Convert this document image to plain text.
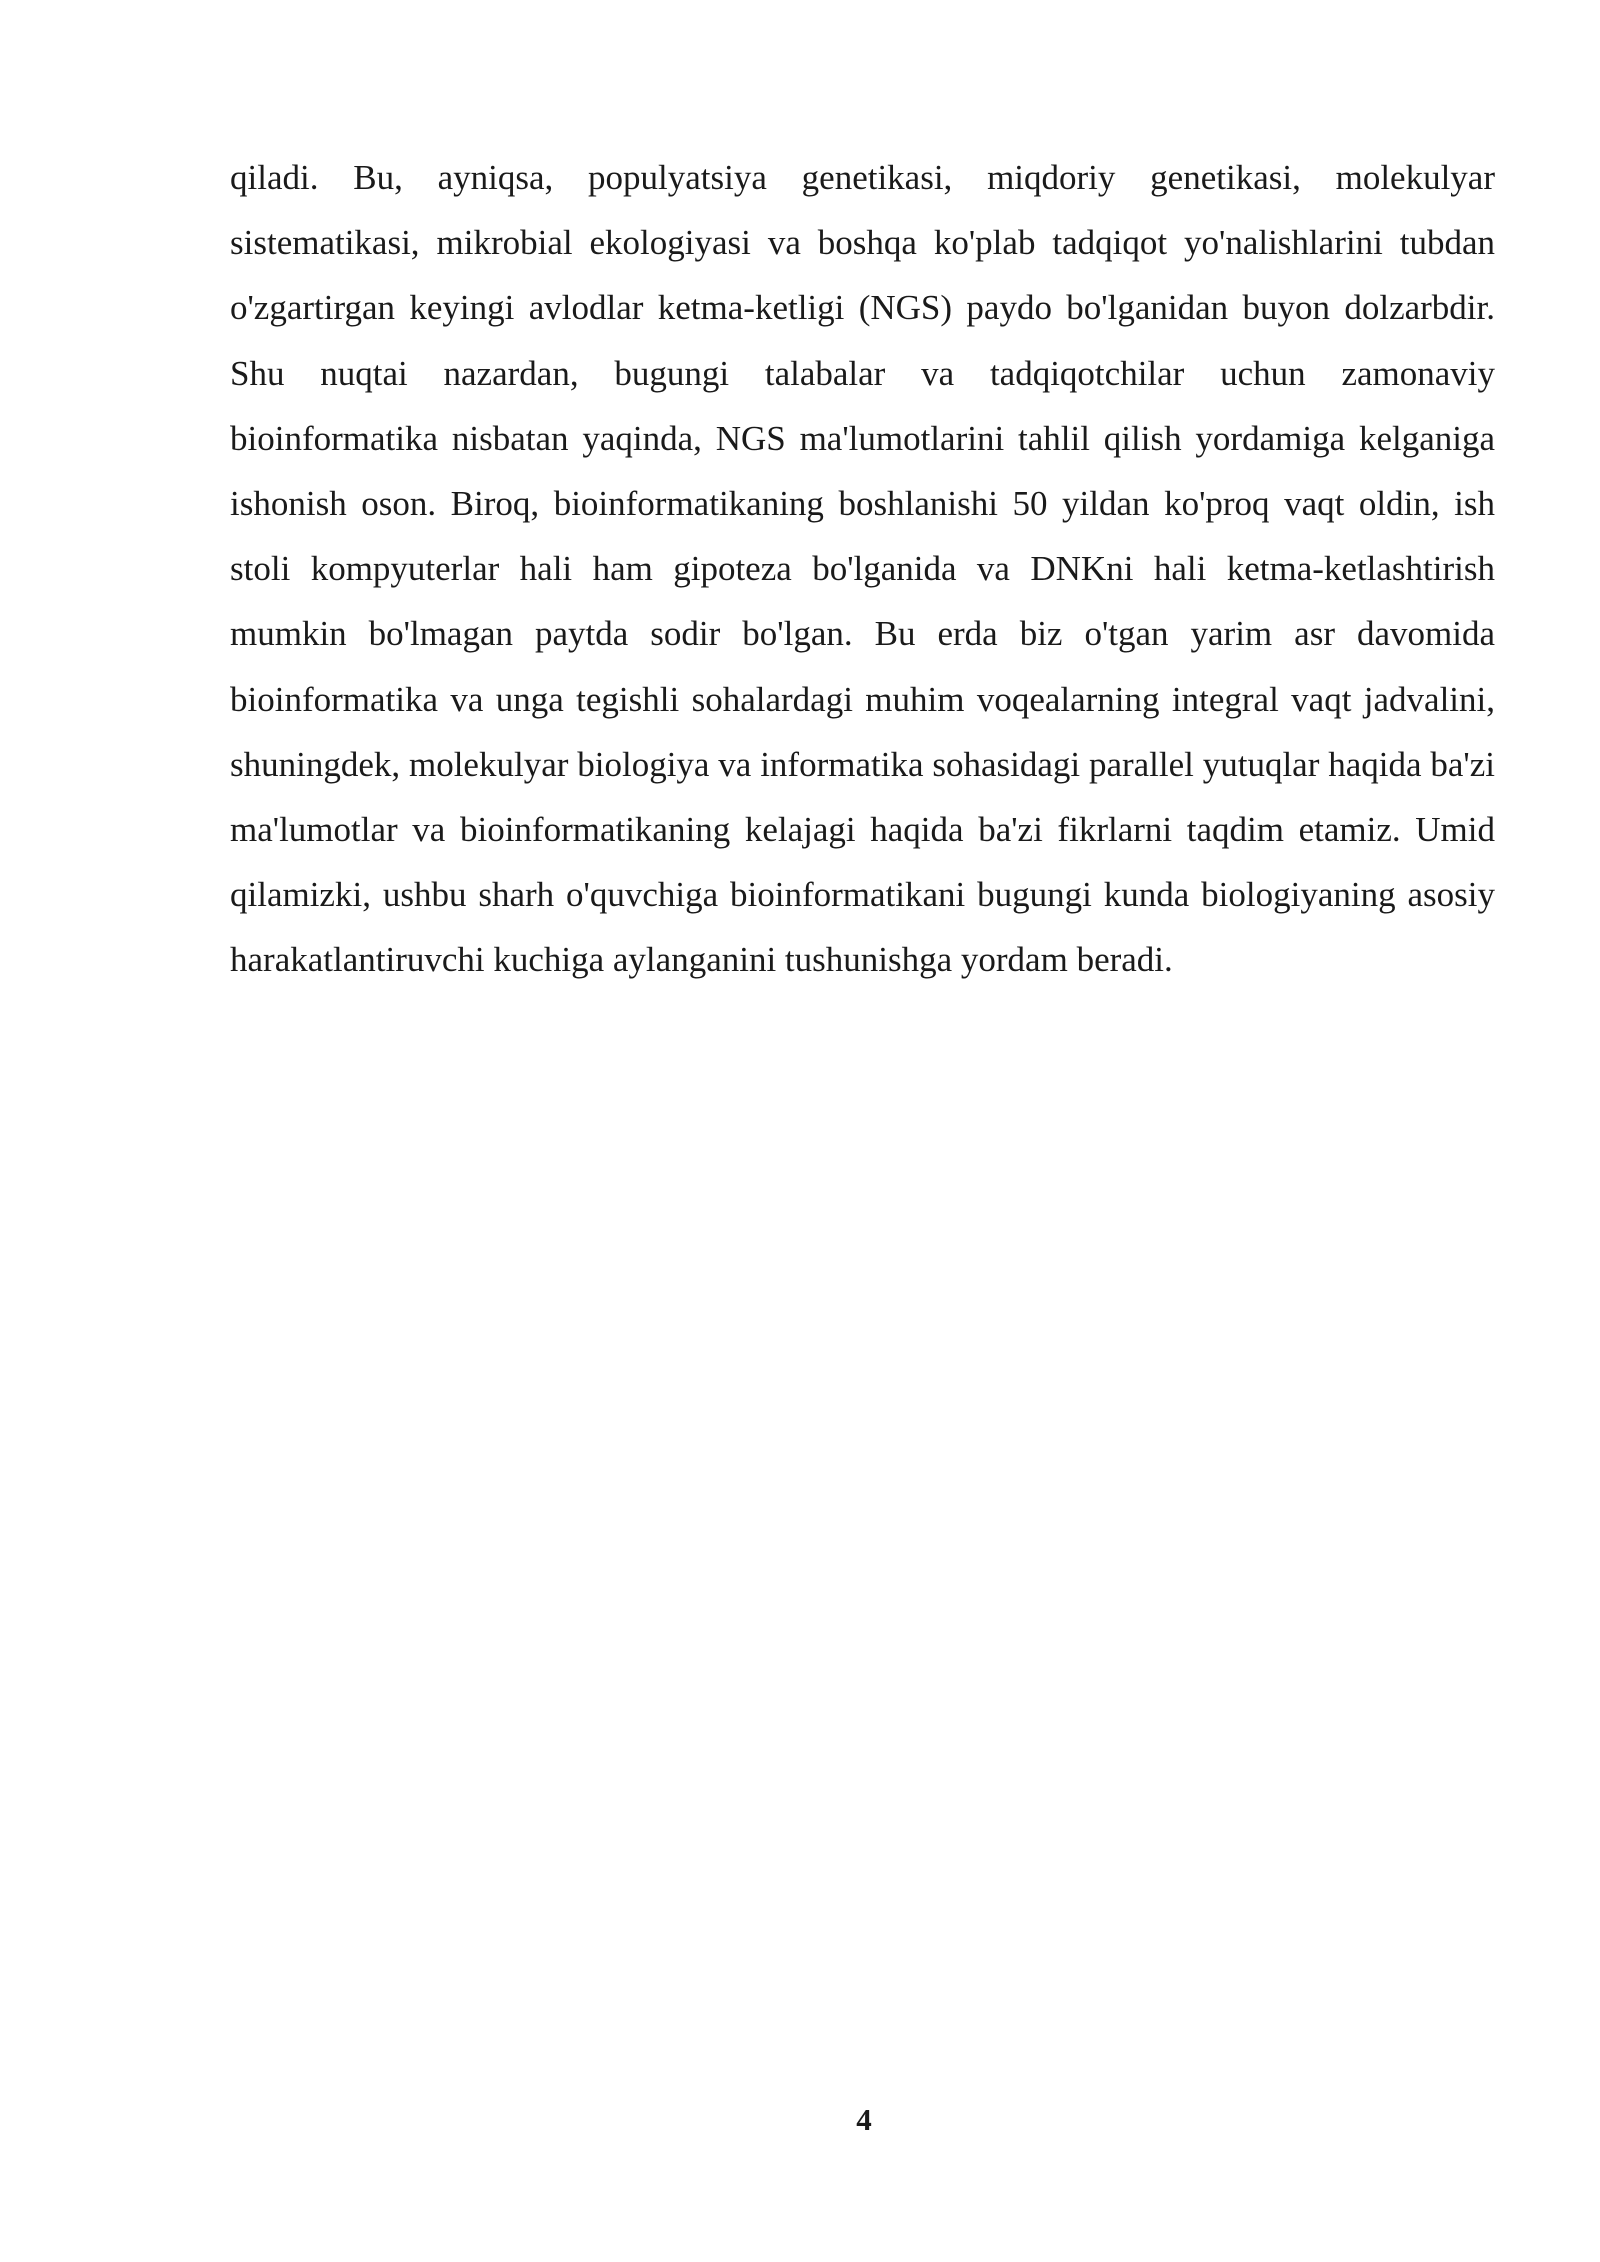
qiladi. Bu, ayniqsa, populyatsiya genetikasi, miqdoriy genetikasi, molekulyar sistematikasi, mikrobial ekologiyasi va boshqa ko'plab tadqiqot yo'nalishlarini tubdan o'zgartirgan keyingi avlodlar ketma-ketligi (NGS) paydo bo'lganidan buyon dolzarbdir. Shu nuqtai nazardan, bugungi talabalar va tadqiqotchilar uchun zamonaviy bioinformatika nisbatan yaqinda, NGS ma'lumotlarini tahlil qilish yordamiga kelganiga ishonish oson. Biroq, bioinformatikaning boshlanishi 50 yildan ko'proq vaqt oldin, ish stoli kompyuterlar hali ham gipoteza bo'lganida va DNKni hali ketma-ketlashtirish mumkin bo'lmagan paytda sodir bo'lgan. Bu erda biz o'tgan yarim asr davomida bioinformatika va unga tegishli sohalardagi muhim voqealarning integral vaqt jadvalini, shuningdek, molekulyar biologiya va informatika sohasidagi parallel yutuqlar haqida ba'zi ma'lumotlar va bioinformatikaning kelajagi haqida ba'zi fikrlarni taqdim etamiz. Umid qilamizki, ushbu sharh o'quvchiga bioinformatikani bugungi kunda biologiyaning asosiy harakatlantiruvchi kuchiga aylanganini tushunishga yordam beradi.

4
